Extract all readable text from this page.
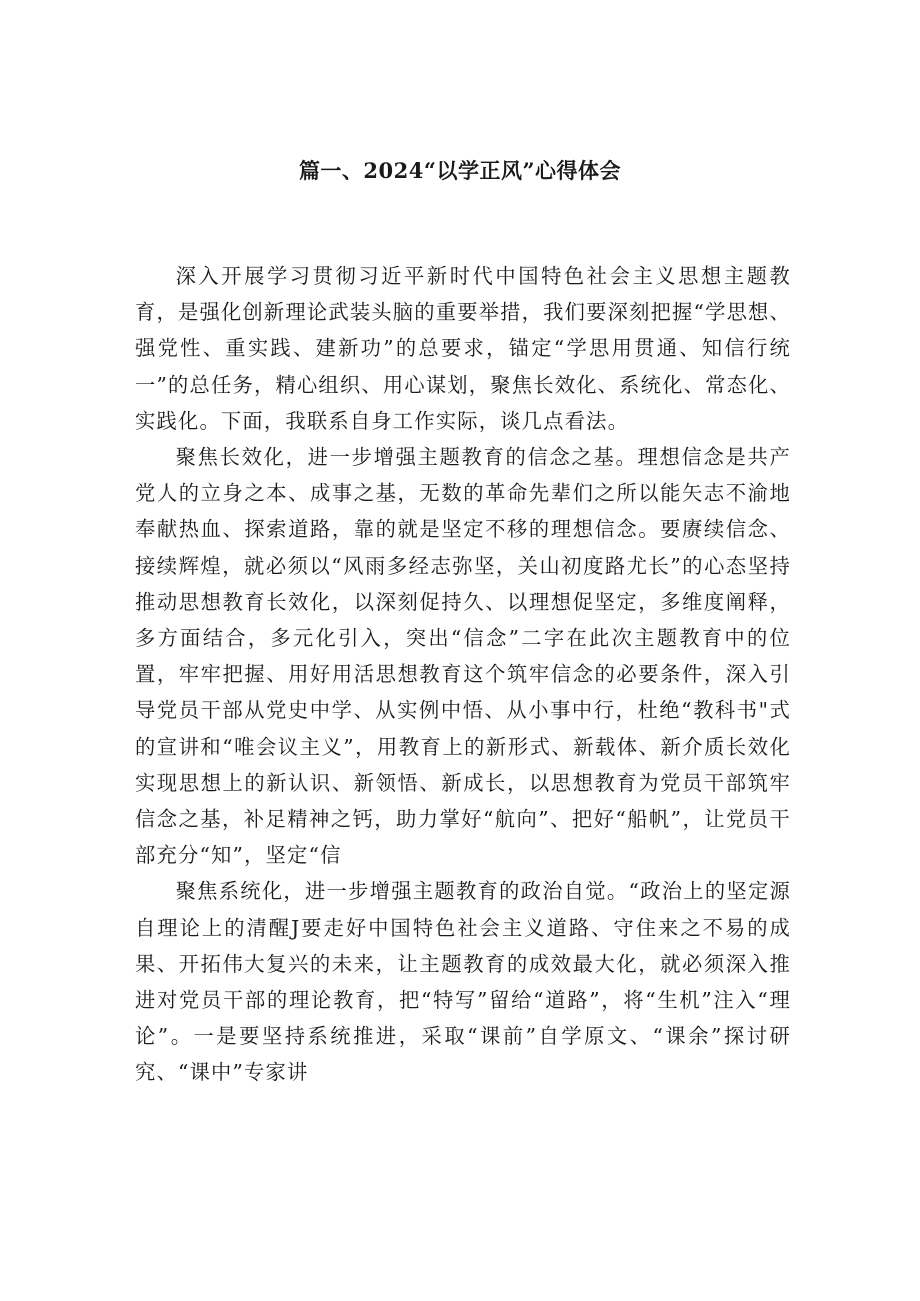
篇一、2024“以学正风”心得体会

深入开展学习贯彻习近平新时代中国特色社会主义思想主题教育，是强化创新理论武装头脑的重要举措，我们要深刻把握“学思想、强党性、重实践、建新功”的总要求，锚定“学思用贯通、知信行统一”的总任务，精心组织、用心谋划，聚焦长效化、系统化、常态化、实践化。下面，我联系自身工作实际，谈几点看法。

聚焦长效化，进一步增强主题教育的信念之基。理想信念是共产党人的立身之本、成事之基，无数的革命先辈们之所以能矢志不渝地奉献热血、探索道路，靠的就是坚定不移的理想信念。要赓续信念、接续辉煌，就必须以“风雨多经志弥坚，关山初度路尤长”的心态坚持推动思想教育长效化，以深刻促持久、以理想促坚定，多维度阐释，多方面结合，多元化引入，突出“信念”二字在此次主题教育中的位置，牢牢把握、用好用活思想教育这个筑牢信念的必要条件，深入引导党员干部从党史中学、从实例中悟、从小事中行，杜绝“教科书"式的宣讲和“唯会议主义”，用教育上的新形式、新载体、新介质长效化实现思想上的新认识、新领悟、新成长，以思想教育为党员干部筑牢信念之基，补足精神之钙，助力掌好“航向”、把好“船帆”，让党员干部充分“知”，坚定“信

聚焦系统化，进一步增强主题教育的政治自觉。“政治上的坚定源自理论上的清醒J要走好中国特色社会主义道路、守住来之不易的成果、开拓伟大复兴的未来，让主题教育的成效最大化，就必须深入推进对党员干部的理论教育，把“特写”留给“道路”，将“生机”注入“理论”。一是要坚持系统推进，采取“课前”自学原文、“课余”探讨研究、“课中”专家讲
